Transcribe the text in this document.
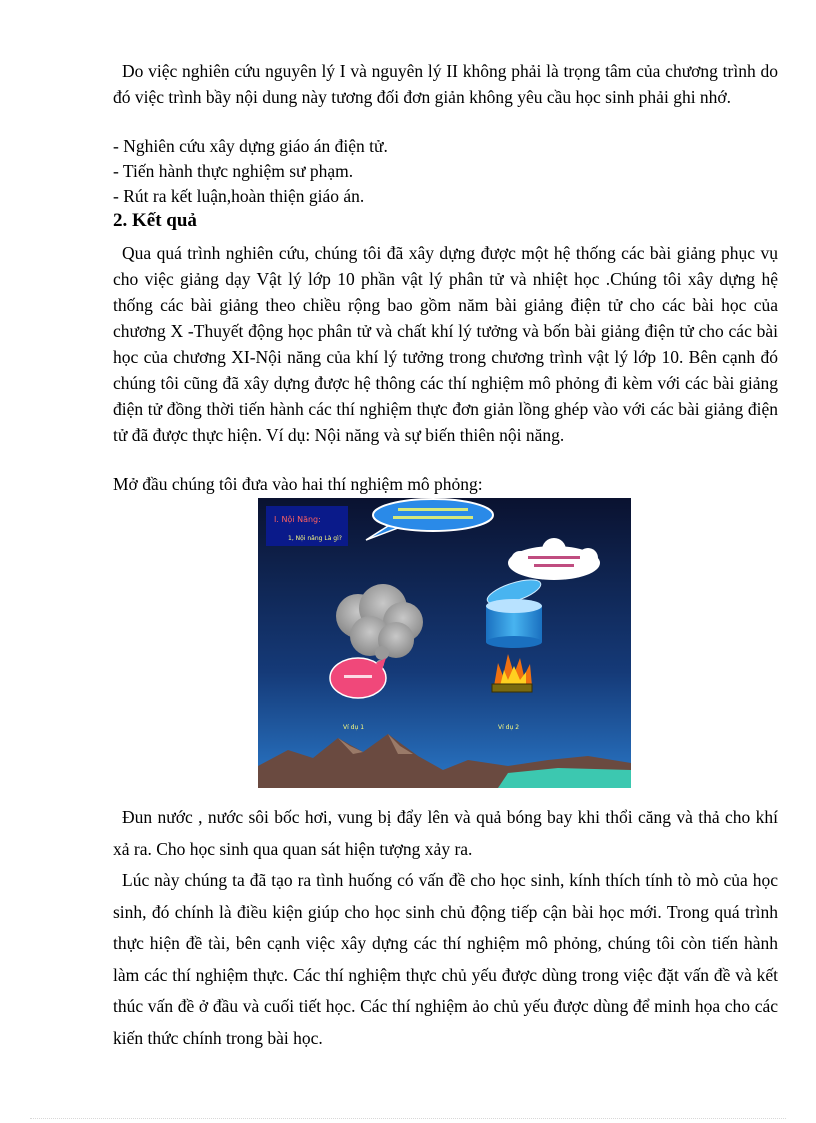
Do việc nghiên cứu nguyên lý I và nguyên lý II không phải là trọng tâm của chương trình do đó việc trình bầy nội dung này tương đối đơn giản không yêu cầu học sinh phải ghi nhớ.

- Nghiên cứu xây dựng giáo án điện tử.
- Tiến hành thực nghiệm sư phạm.
- Rút ra kết luận,hoàn thiện giáo án.
2. Kết quả

Qua quá trình nghiên cứu, chúng tôi đã xây dựng được một hệ thống các bài giảng phục vụ cho việc giảng dạy Vật lý lớp 10 phần vật lý phân tử và nhiệt học .Chúng tôi xây dựng hệ thống các bài giảng theo chiều rộng bao gồm năm bài giảng điện tử cho các bài học của chương X -Thuyết động học phân tử và chất khí lý tưởng và bốn bài giảng điện tử cho các bài học của chương XI-Nội năng của khí lý tưởng trong chương trình vật lý lớp 10. Bên cạnh đó chúng tôi cũng đã xây dựng được hệ thông các thí nghiệm mô phỏng đi kèm với các bài giảng điện tử đồng thời tiến hành các thí nghiệm thực đơn giản lồng ghép vào với các bài giảng điện tử đã được thực hiện. Ví dụ: Nội năng và sự biến thiên nội năng.

Mở đầu chúng tôi đưa vào hai thí nghiệm mô phỏng:
I. Nội Năng:
1, Nội năng Là gì?
Ví dụ 1	Ví dụ 2

Đun nước , nước sôi bốc hơi, vung bị đẩy lên và quả bóng bay khi thổi căng và thả cho khí xả ra. Cho học sinh qua quan sát hiện tượng xảy ra.

Lúc này chúng ta đã tạo ra tình huống có vấn đề cho học sinh, kính thích tính tò mò của học sinh, đó chính là điều kiện giúp cho học sinh chủ động tiếp cận bài học mới. Trong quá trình thực hiện đề tài, bên cạnh việc xây dựng các thí nghiệm mô phỏng, chúng tôi còn tiến hành làm các thí nghiệm thực. Các thí nghiệm thực chủ yếu được dùng trong việc đặt vấn đề và kết thúc vấn đề ở đầu và cuối tiết học. Các thí nghiệm ảo chủ yếu được dùng để minh họa cho các kiến thức chính trong bài học.
